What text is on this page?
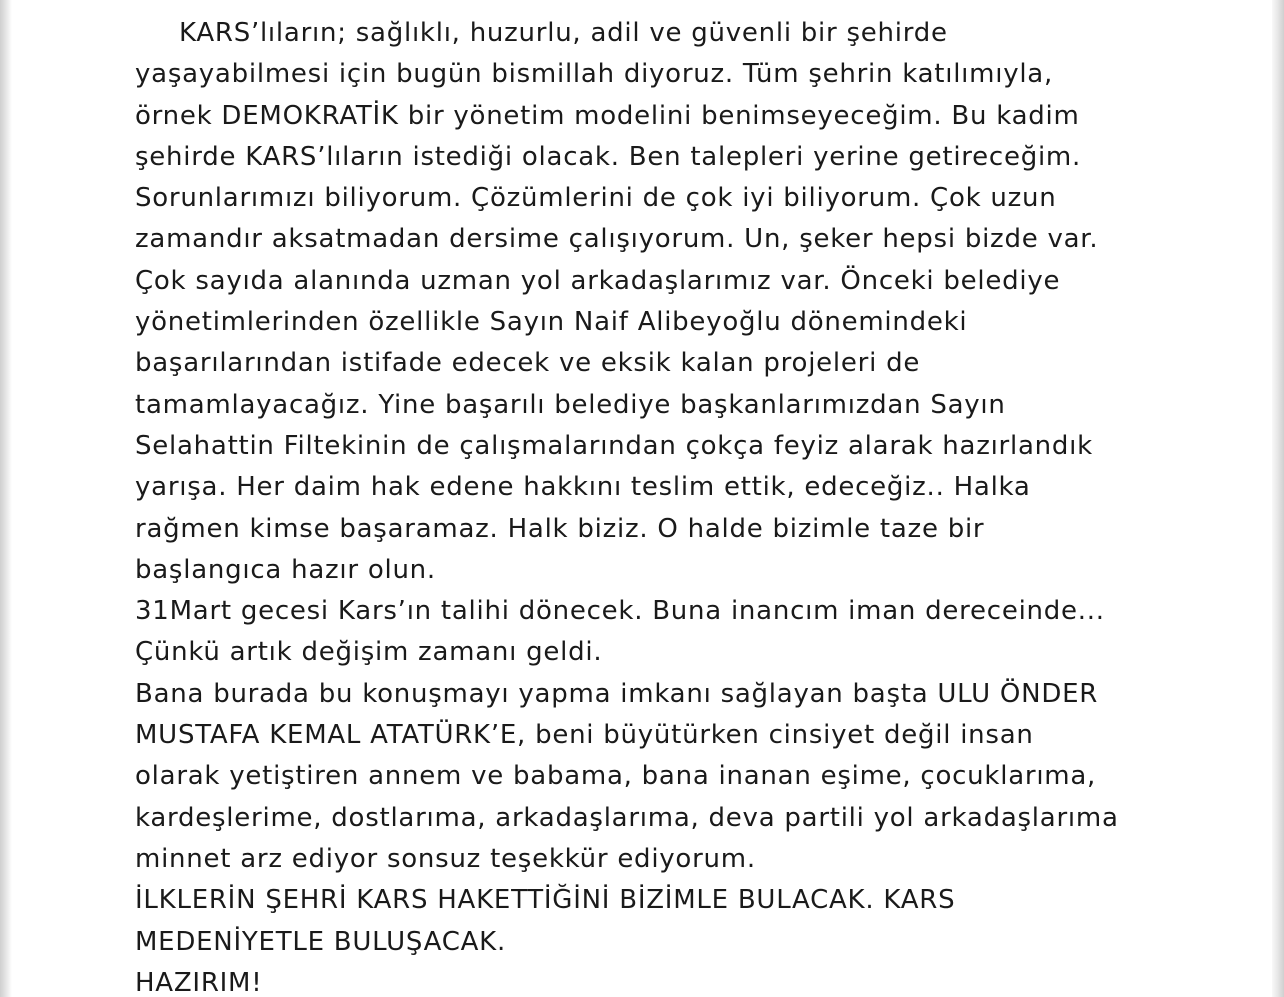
KARS’lıların; sağlıklı, huzurlu, adil ve güvenli bir şehirde
yaşayabilmesi için bugün bismillah diyoruz. Tüm şehrin katılımıyla,
örnek DEMOKRATİK bir yönetim modelini benimseyeceğim. Bu kadim
şehirde KARS’lıların istediği olacak. Ben talepleri yerine getireceğim.
Sorunlarımızı biliyorum. Çözümlerini de çok iyi biliyorum. Çok uzun
zamandır aksatmadan dersime çalışıyorum. Un, şeker hepsi bizde var.
Çok sayıda alanında uzman yol arkadaşlarımız var. Önceki belediye
yönetimlerinden özellikle Sayın Naif Alibeyoğlu dönemindeki
başarılarından istifade edecek ve eksik kalan projeleri de
tamamlayacağız. Yine başarılı belediye başkanlarımızdan Sayın
Selahattin Filtekinin de çalışmalarından çokça feyiz alarak hazırlandık
yarışa. Her daim hak edene hakkını teslim ettik, edeceğiz.. Halka
rağmen kimse başaramaz. Halk biziz. O halde bizimle taze bir
başlangıca hazır olun.
31Mart gecesi Kars’ın talihi dönecek. Buna inancım iman dereceinde...
Çünkü artık değişim zamanı geldi.
Bana burada bu konuşmayı yapma imkanı sağlayan başta ULU ÖNDER
MUSTAFA KEMAL ATATÜRK’E, beni büyütürken cinsiyet değil insan
olarak yetiştiren annem ve babama, bana inanan eşime, çocuklarıma,
kardeşlerime, dostlarıma, arkadaşlarıma, deva partili yol arkadaşlarıma
minnet arz ediyor sonsuz teşekkür ediyorum.
İLKLERİN ŞEHRİ KARS HAKETTİĞİNİ BİZİMLE BULACAK. KARS
MEDENİYETLE BULUŞACAK.
HAZIRIM!
